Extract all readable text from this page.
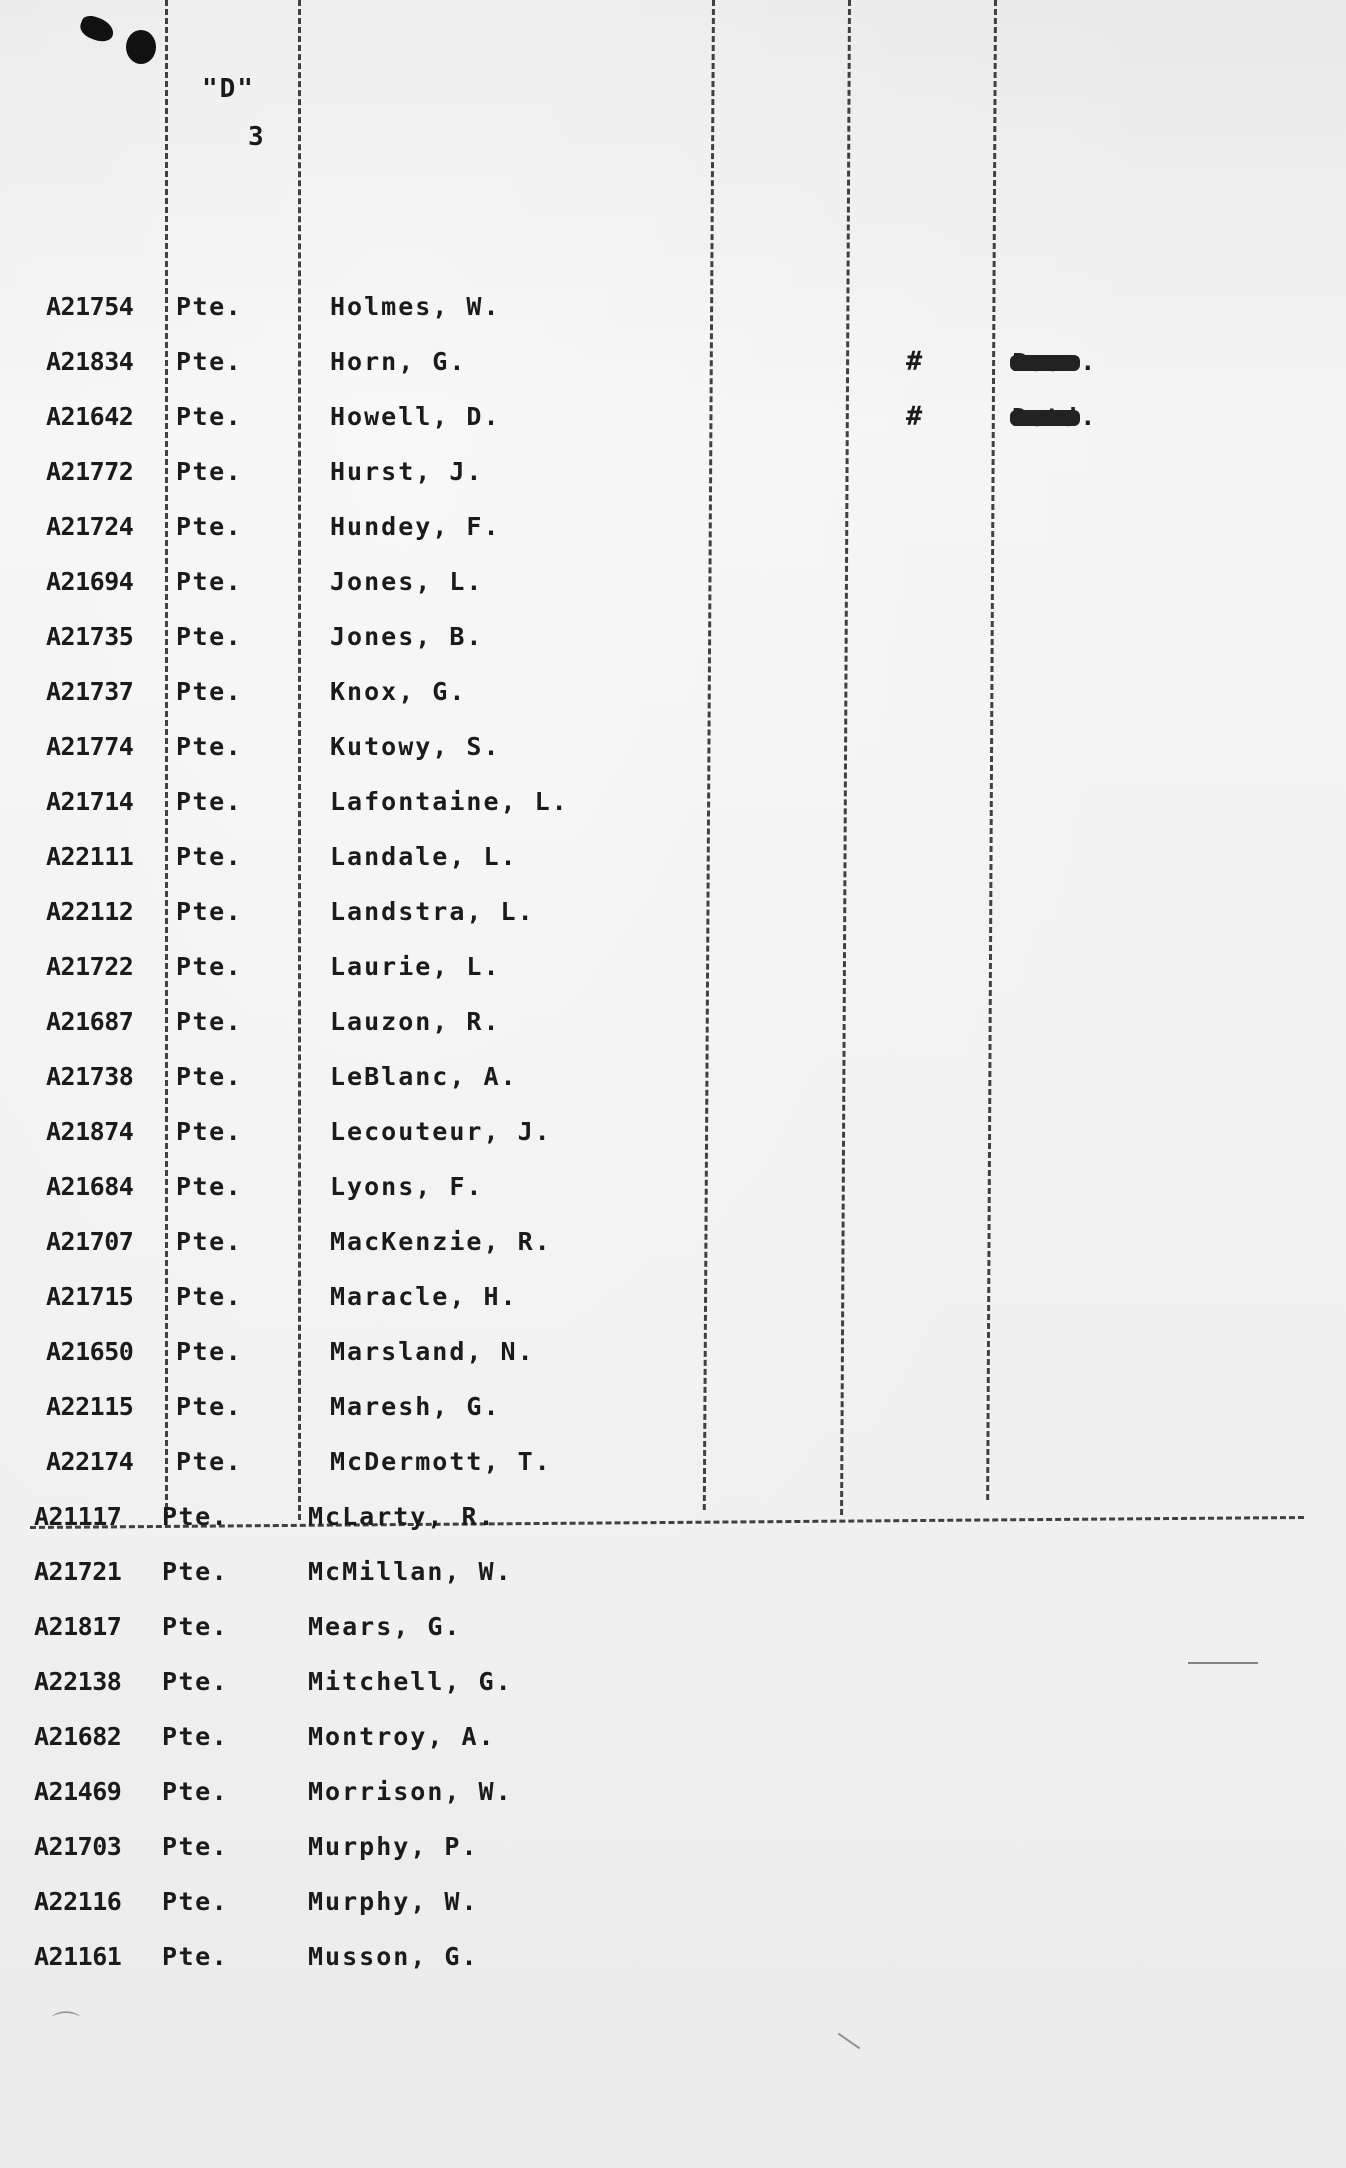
"D"
3
A21754 Pte.	Holmes, W.
A21834 Pte.	Horn, G.	#	Posn.
A21642 Pte.	Howell, D.	#	Detd.
A21772 Pte.	Hurst, J.
A21724 Pte.	Hundey, F.
A21694 Pte.	Jones, L.
A21735 Pte.	Jones, B.
A21737 Pte.	Knox, G.
A21774 Pte.	Kutowy, S.
A21714 Pte.	Lafontaine, L.
A22111 Pte.	Landale, L.
A22112 Pte.	Landstra, L.
A21722 Pte.	Laurie, L.
A21687 Pte.	Lauzon, R.
A21738 Pte.	LeBlanc, A.
A21874 Pte.	Lecouteur, J.
A21684 Pte.	Lyons, F.
A21707 Pte.	MacKenzie, R.
A21715 Pte.	Maracle, H.
A21650 Pte.	Marsland, N.
A22115 Pte.	Maresh, G.
A22174 Pte.	McDermott, T.
A21117 Pte.	McLarty, R.
A21721 Pte.	McMillan, W.
A21817 Pte.	Mears, G.
A22138 Pte.	Mitchell, G.
A21682 Pte.	Montroy, A.
A21469 Pte.	Morrison, W.
A21703 Pte.	Murphy, P.
A22116 Pte.	Murphy, W.
A21161 Pte.	Musson, G.
⌒
